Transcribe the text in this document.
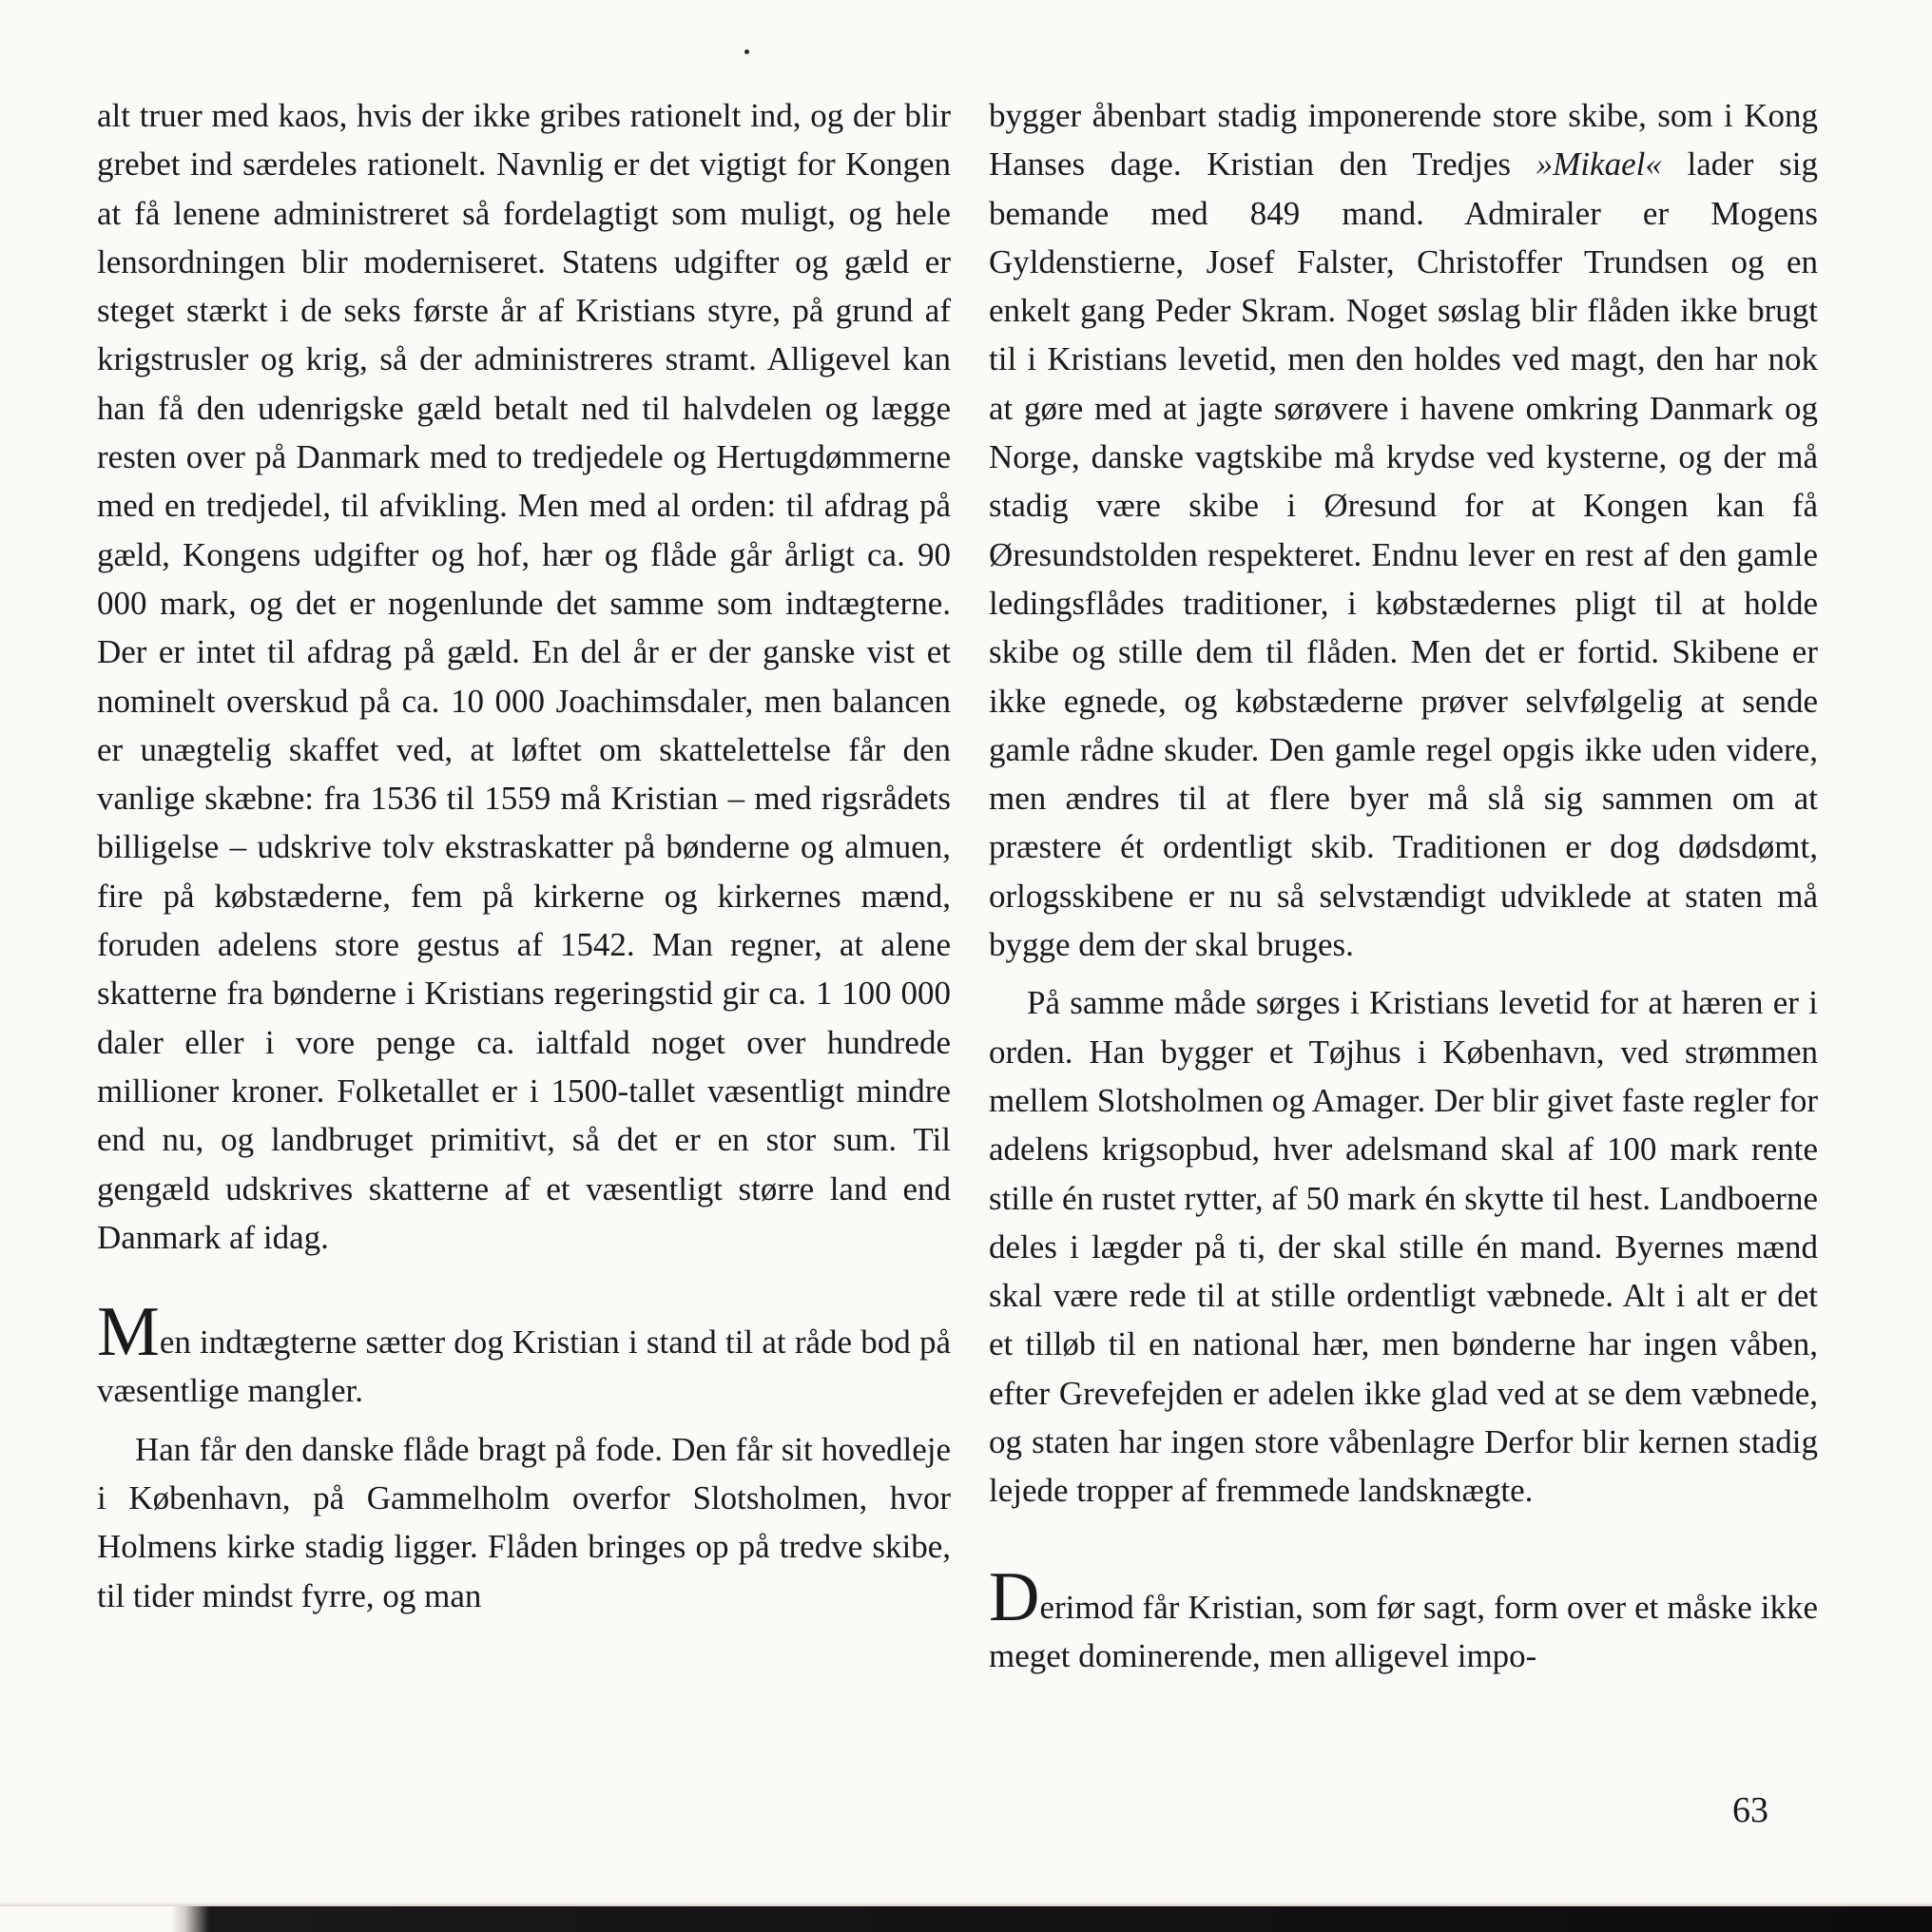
alt truer med kaos, hvis der ikke gribes rationelt ind, og der blir grebet ind særdeles rationelt. Navnlig er det vigtigt for Kongen at få lenene administreret så fordelagtigt som muligt, og hele lensordningen blir moderniseret. Statens udgifter og gæld er steget stærkt i de seks første år af Kristians styre, på grund af krigstrusler og krig, så der administreres stramt. Alligevel kan han få den udenrigske gæld betalt ned til halvdelen og lægge resten over på Danmark med to tredjedele og Hertugdømmerne med en tredjedel, til afvikling. Men med al orden: til afdrag på gæld, Kongens udgifter og hof, hær og flåde går årligt ca. 90 000 mark, og det er nogenlunde det samme som indtægterne. Der er intet til afdrag på gæld. En del år er der ganske vist et nominelt overskud på ca. 10 000 Joachimsdaler, men balancen er unægtelig skaffet ved, at løftet om skattelettelse får den vanlige skæbne: fra 1536 til 1559 må Kristian – med rigsrådets billigelse – udskrive tolv ekstraskatter på bønderne og almuen, fire på købstæderne, fem på kirkerne og kirkernes mænd, foruden adelens store gestus af 1542. Man regner, at alene skatterne fra bønderne i Kristians regeringstid gir ca. 1 100 000 daler eller i vore penge ca. ialtfald noget over hundrede millioner kroner. Folketallet er i 1500-tallet væsentligt mindre end nu, og landbruget primitivt, så det er en stor sum. Til gengæld udskrives skatterne af et væsentligt større land end Danmark af idag.

Men indtægterne sætter dog Kristian i stand til at råde bod på væsentlige mangler.

Han får den danske flåde bragt på fode. Den får sit hovedleje i København, på Gammelholm overfor Slotsholmen, hvor Holmens kirke stadig ligger. Flåden bringes op på tredve skibe, til tider mindst fyrre, og man

bygger åbenbart stadig imponerende store skibe, som i Kong Hanses dage. Kristian den Tredjes »Mikael« lader sig bemande med 849 mand. Admiraler er Mogens Gyldenstierne, Josef Falster, Christoffer Trundsen og en enkelt gang Peder Skram. Noget søslag blir flåden ikke brugt til i Kristians levetid, men den holdes ved magt, den har nok at gøre med at jagte sørøvere i havene omkring Danmark og Norge, danske vagtskibe må krydse ved kysterne, og der må stadig være skibe i Øresund for at Kongen kan få Øresundstolden respekteret. Endnu lever en rest af den gamle ledingsflådes traditioner, i købstædernes pligt til at holde skibe og stille dem til flåden. Men det er fortid. Skibene er ikke egnede, og købstæderne prøver selvfølgelig at sende gamle rådne skuder. Den gamle regel opgis ikke uden videre, men ændres til at flere byer må slå sig sammen om at præstere ét ordentligt skib. Traditionen er dog dødsdømt, orlogsskibene er nu så selvstændigt udviklede at staten må bygge dem der skal bruges.

På samme måde sørges i Kristians levetid for at hæren er i orden. Han bygger et Tøjhus i København, ved strømmen mellem Slotsholmen og Amager. Der blir givet faste regler for adelens krigsopbud, hver adelsmand skal af 100 mark rente stille én rustet rytter, af 50 mark én skytte til hest. Landboerne deles i lægder på ti, der skal stille én mand. Byernes mænd skal være rede til at stille ordentligt væbnede. Alt i alt er det et tilløb til en national hær, men bønderne har ingen våben, efter Grevefejden er adelen ikke glad ved at se dem væbnede, og staten har ingen store våbenlagre Derfor blir kernen stadig lejede tropper af fremmede landsknægte.

Derimod får Kristian, som før sagt, form over et måske ikke meget dominerende, men alligevel impo-

63
